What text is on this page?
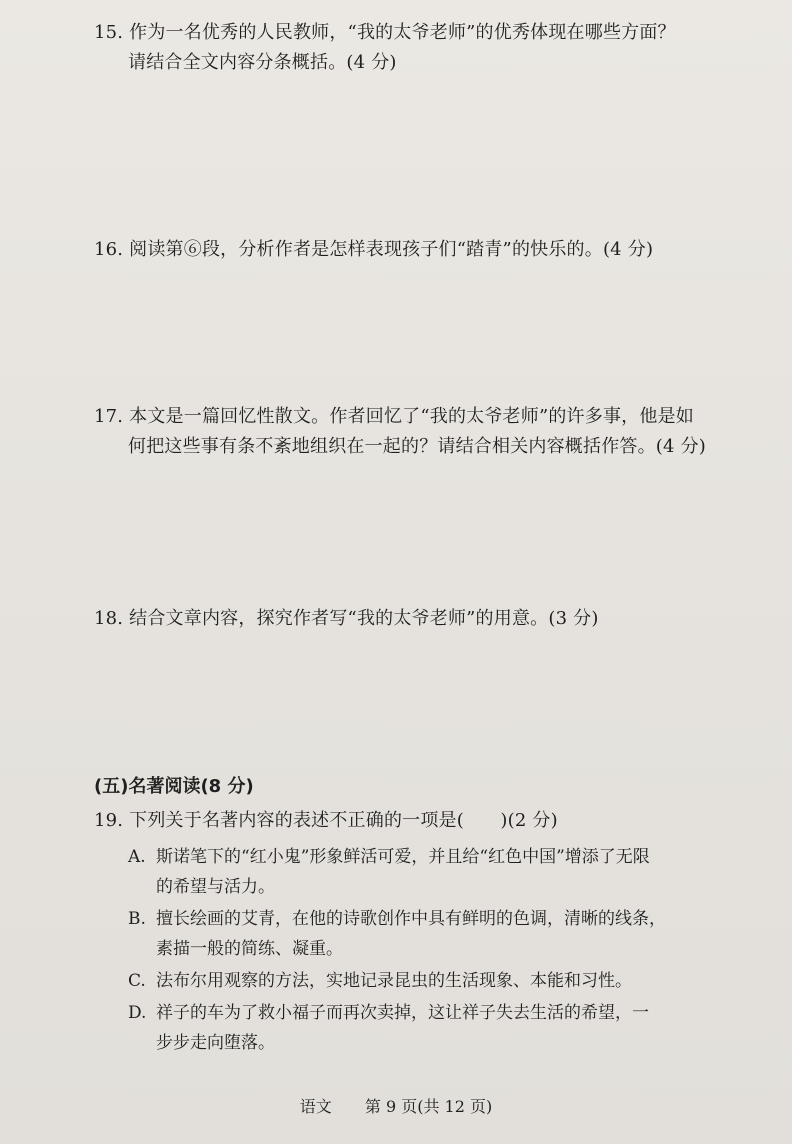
15. 作为一名优秀的人民教师，“我的太爷老师”的优秀体现在哪些方面？
请结合全文内容分条概括。(4 分)
16. 阅读第⑥段，分析作者是怎样表现孩子们“踏青”的快乐的。(4 分)
17. 本文是一篇回忆性散文。作者回忆了“我的太爷老师”的许多事，他是如
何把这些事有条不紊地组织在一起的？请结合相关内容概括作答。(4 分)
18. 结合文章内容，探究作者写“我的太爷老师”的用意。(3 分)
(五)名著阅读(8 分)
19. 下列关于名著内容的表述不正确的一项是(　　)(2 分)
A. 斯诺笔下的“红小鬼”形象鲜活可爱，并且给“红色中国”增添了无限
的希望与活力。
B. 擅长绘画的艾青，在他的诗歌创作中具有鲜明的色调，清晰的线条，
素描一般的简练、凝重。
C. 法布尔用观察的方法，实地记录昆虫的生活现象、本能和习性。
D. 祥子的车为了救小福子而再次卖掉，这让祥子失去生活的希望，一
步步走向堕落。
语文 第 9 页(共 12 页)
